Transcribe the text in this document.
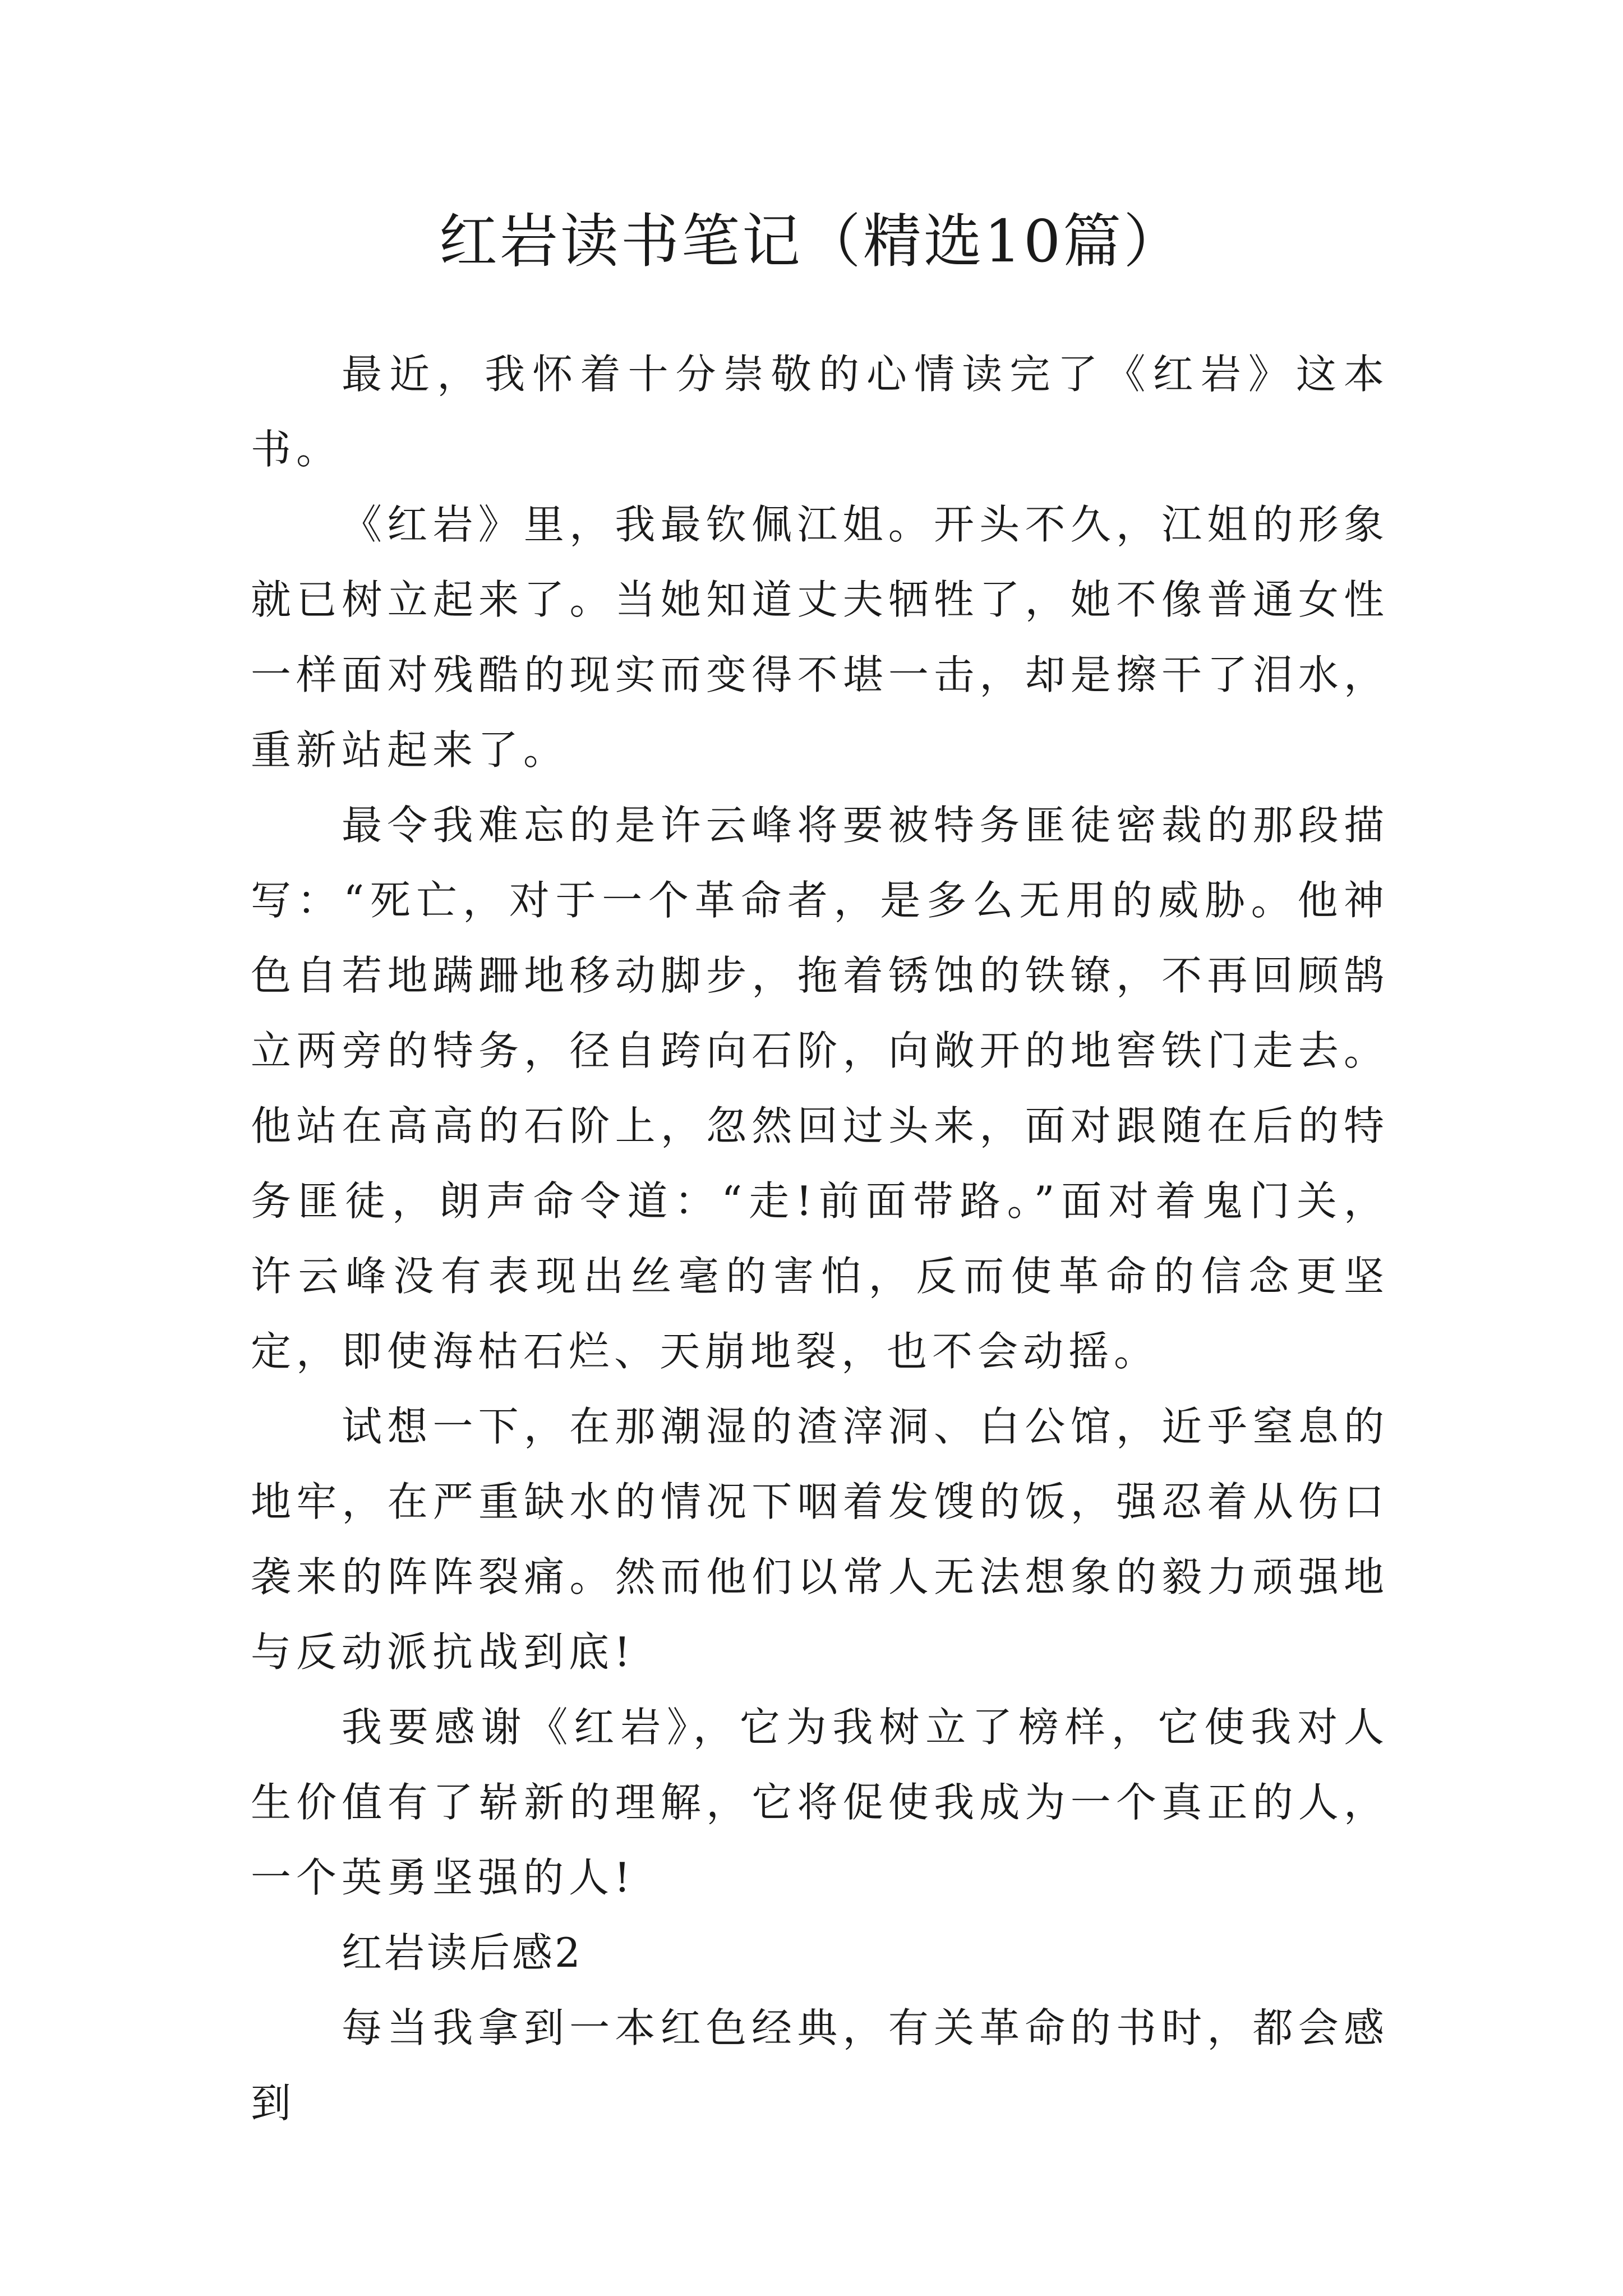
红岩读书笔记（精选10篇）

最近，我怀着十分崇敬的心情读完了《红岩》这本书。

《红岩》里，我最钦佩江姐。开头不久，江姐的形象就已树立起来了。当她知道丈夫牺牲了，她不像普通女性一样面对残酷的现实而变得不堪一击，却是擦干了泪水，重新站起来了。

最令我难忘的是许云峰将要被特务匪徒密裁的那段描写：“死亡，对于一个革命者，是多么无用的威胁。他神色自若地蹒跚地移动脚步，拖着锈蚀的铁镣，不再回顾鹄立两旁的特务，径自跨向石阶，向敞开的地窖铁门走去。他站在高高的石阶上，忽然回过头来，面对跟随在后的特务匪徒，朗声命令道：“走!前面带路。”面对着鬼门关，许云峰没有表现出丝毫的害怕，反而使革命的信念更坚定，即使海枯石烂、天崩地裂，也不会动摇。

试想一下，在那潮湿的渣滓洞、白公馆，近乎窒息的地牢，在严重缺水的情况下咽着发馊的饭，强忍着从伤口袭来的阵阵裂痛。然而他们以常人无法想象的毅力顽强地与反动派抗战到底!

我要感谢《红岩》，它为我树立了榜样，它使我对人生价值有了崭新的理解，它将促使我成为一个真正的人，一个英勇坚强的人!

红岩读后感2

每当我拿到一本红色经典，有关革命的书时，都会感到
